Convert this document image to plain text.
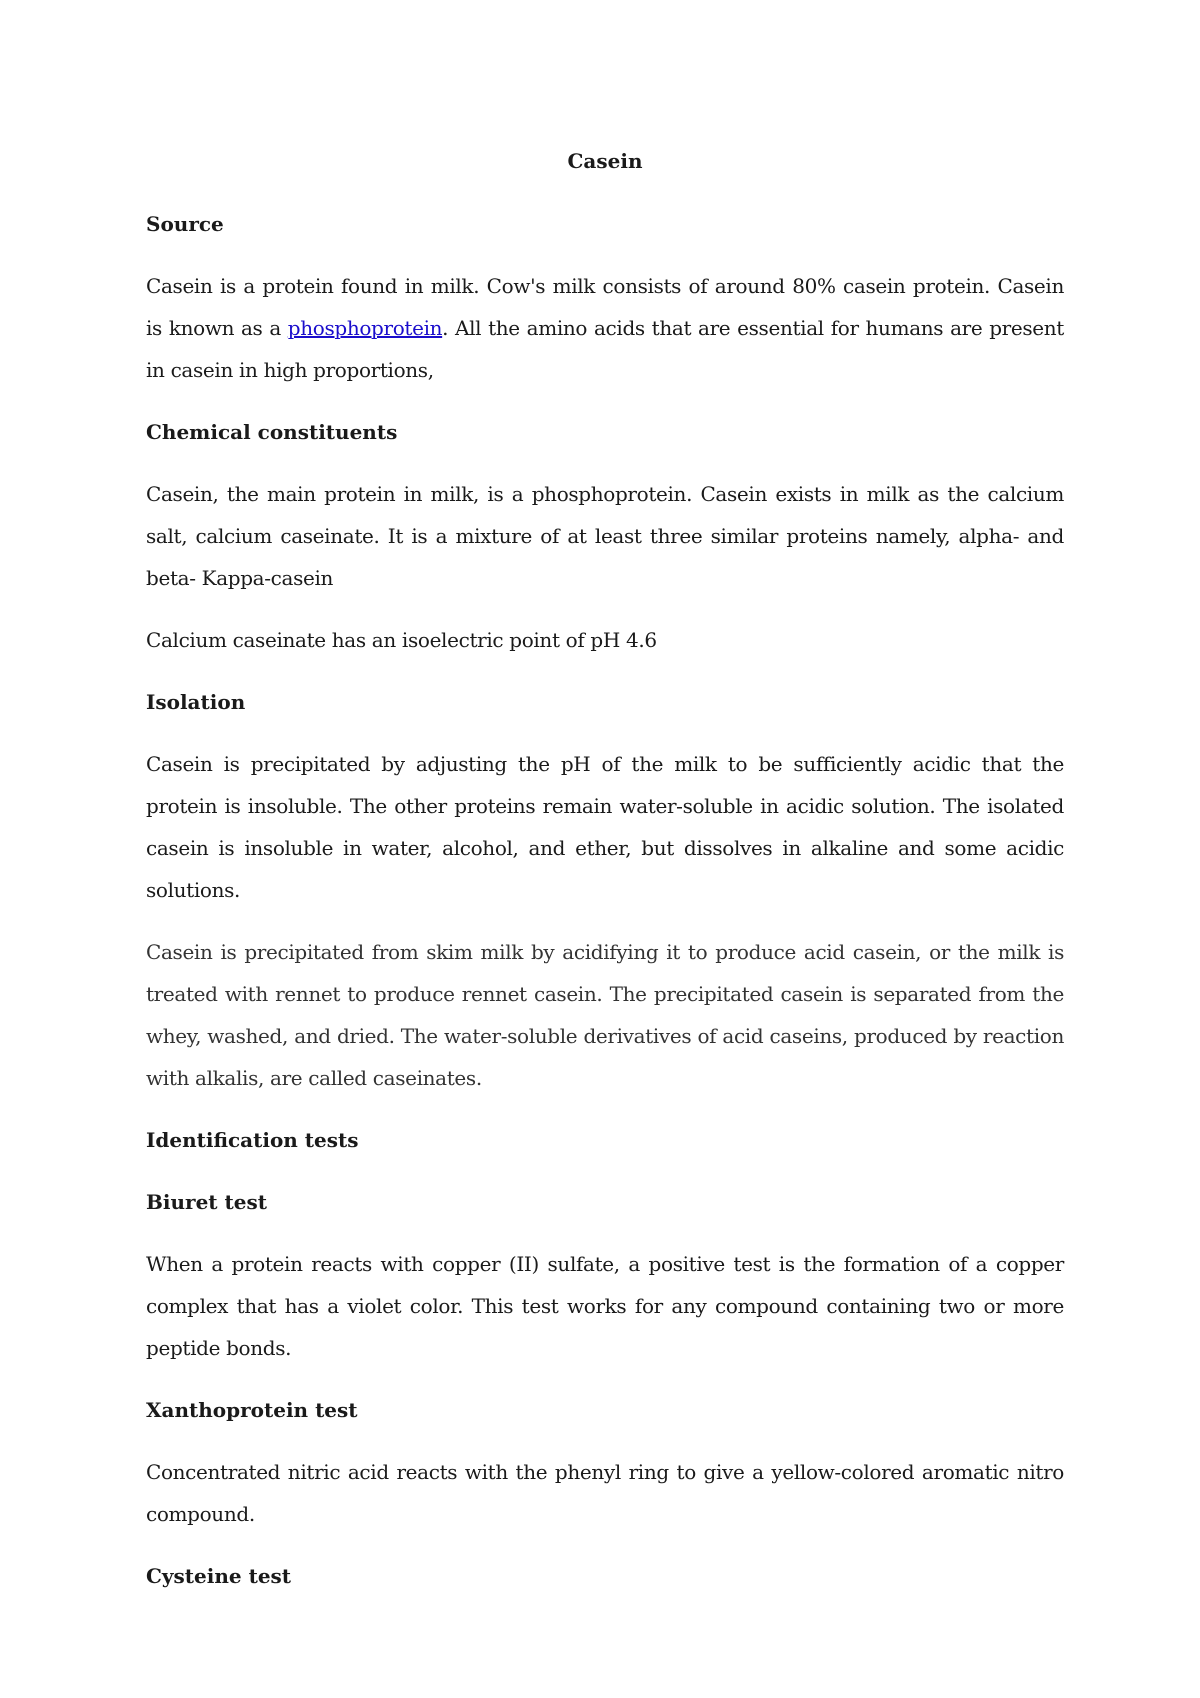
Casein
Source

Casein is a protein found in milk. Cow's milk consists of around 80% casein protein. Casein is known as a phosphoprotein. All the amino acids that are essential for humans are present in casein in high proportions,

Chemical constituents

Casein, the main protein in milk, is a phosphoprotein. Casein exists in milk as the calcium salt, calcium caseinate. It is a mixture of at least three similar proteins namely, alpha- and beta- Kappa-casein

Calcium caseinate has an isoelectric point of pH 4.6

Isolation

Casein is precipitated by adjusting the pH of the milk to be sufficiently acidic that the protein is insoluble. The other proteins remain water-soluble in acidic solution. The isolated casein is insoluble in water, alcohol, and ether, but dissolves in alkaline and some acidic solutions.

Casein is precipitated from skim milk by acidifying it to produce acid casein, or the milk is treated with rennet to produce rennet casein. The precipitated casein is separated from the whey, washed, and dried. The water-soluble derivatives of acid caseins, produced by reaction with alkalis, are called caseinates.

Identification tests
Biuret test

When a protein reacts with copper (II) sulfate, a positive test is the formation of a copper complex that has a violet color. This test works for any compound containing two or more peptide bonds.

Xanthoprotein test

Concentrated nitric acid reacts with the phenyl ring to give a yellow-colored aromatic nitro compound.

Cysteine test
